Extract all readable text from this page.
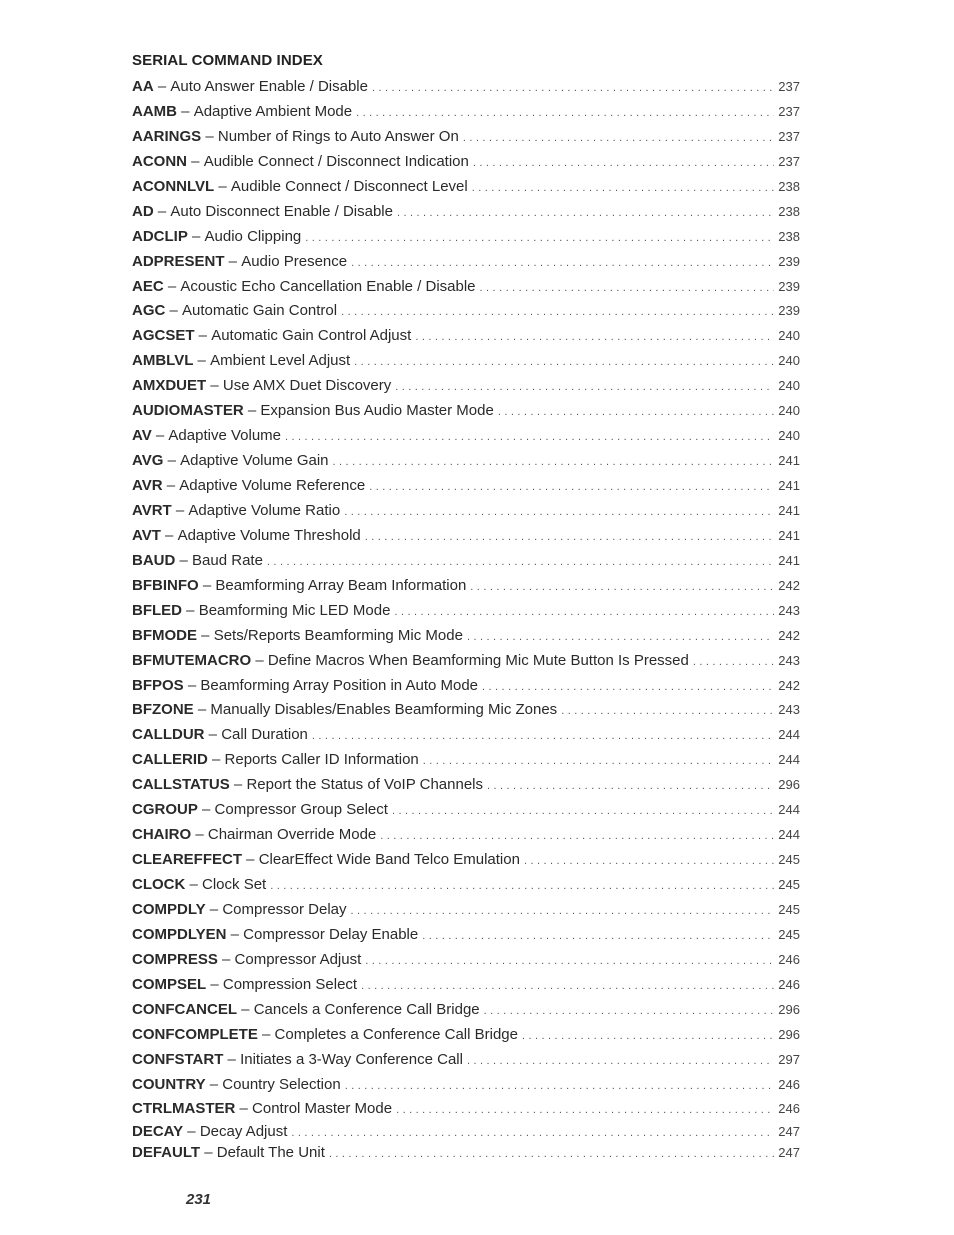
SERIAL COMMAND INDEX
AA – Auto Answer Enable / Disable . . .	237
AAMB – Adaptive Ambient Mode . . .	237
AARINGS – Number of Rings to Auto Answer On . . .	237
ACONN – Audible Connect / Disconnect Indication . . .	237
ACONNLVL – Audible Connect / Disconnect Level . . .	238
AD – Auto Disconnect Enable / Disable . . .	238
ADCLIP – Audio Clipping . . .	238
ADPRESENT – Audio Presence . . .	239
AEC – Acoustic Echo Cancellation Enable / Disable . . .	239
AGC – Automatic Gain Control . . .	239
AGCSET – Automatic Gain Control Adjust . . .	240
AMBLVL – Ambient Level Adjust . . .	240
AMXDUET – Use AMX Duet Discovery . . .	240
AUDIOMASTER – Expansion Bus Audio Master Mode . . .	240
AV – Adaptive Volume . . .	240
AVG – Adaptive Volume Gain . . .	241
AVR – Adaptive Volume Reference . . .	241
AVRT – Adaptive Volume Ratio . . .	241
AVT – Adaptive Volume Threshold . . .	241
BAUD – Baud Rate . . .	241
BFBINFO – Beamforming Array Beam Information . . .	242
BFLED – Beamforming Mic LED Mode . . .	243
BFMODE – Sets/Reports Beamforming Mic Mode . . .	242
BFMUTEMACRO – Define Macros When Beamforming Mic Mute Button Is Pressed . . .	243
BFPOS – Beamforming Array Position in Auto Mode . . .	242
BFZONE – Manually Disables/Enables Beamforming Mic Zones . . .	243
CALLDUR – Call Duration . . .	244
CALLERID – Reports Caller ID Information . . .	244
CALLSTATUS – Report the Status of VoIP Channels . . .	296
CGROUP – Compressor Group Select . . .	244
CHAIRO – Chairman Override Mode . . .	244
CLEAREFFECT – ClearEffect Wide Band Telco Emulation . . .	245
CLOCK – Clock Set . . .	245
COMPDLY – Compressor Delay . . .	245
COMPDLYEN – Compressor Delay Enable . . .	245
COMPRESS – Compressor Adjust . . .	246
COMPSEL – Compression Select . . .	246
CONFCANCEL – Cancels a Conference Call Bridge . . .	296
CONFCOMPLETE – Completes a Conference Call Bridge . . .	296
CONFSTART – Initiates a 3-Way Conference Call . . .	297
COUNTRY – Country Selection . . .	246
CTRLMASTER – Control Master Mode . . .	246
DECAY – Decay Adjust . . .	247
DEFAULT – Default The Unit . . .	247
231
